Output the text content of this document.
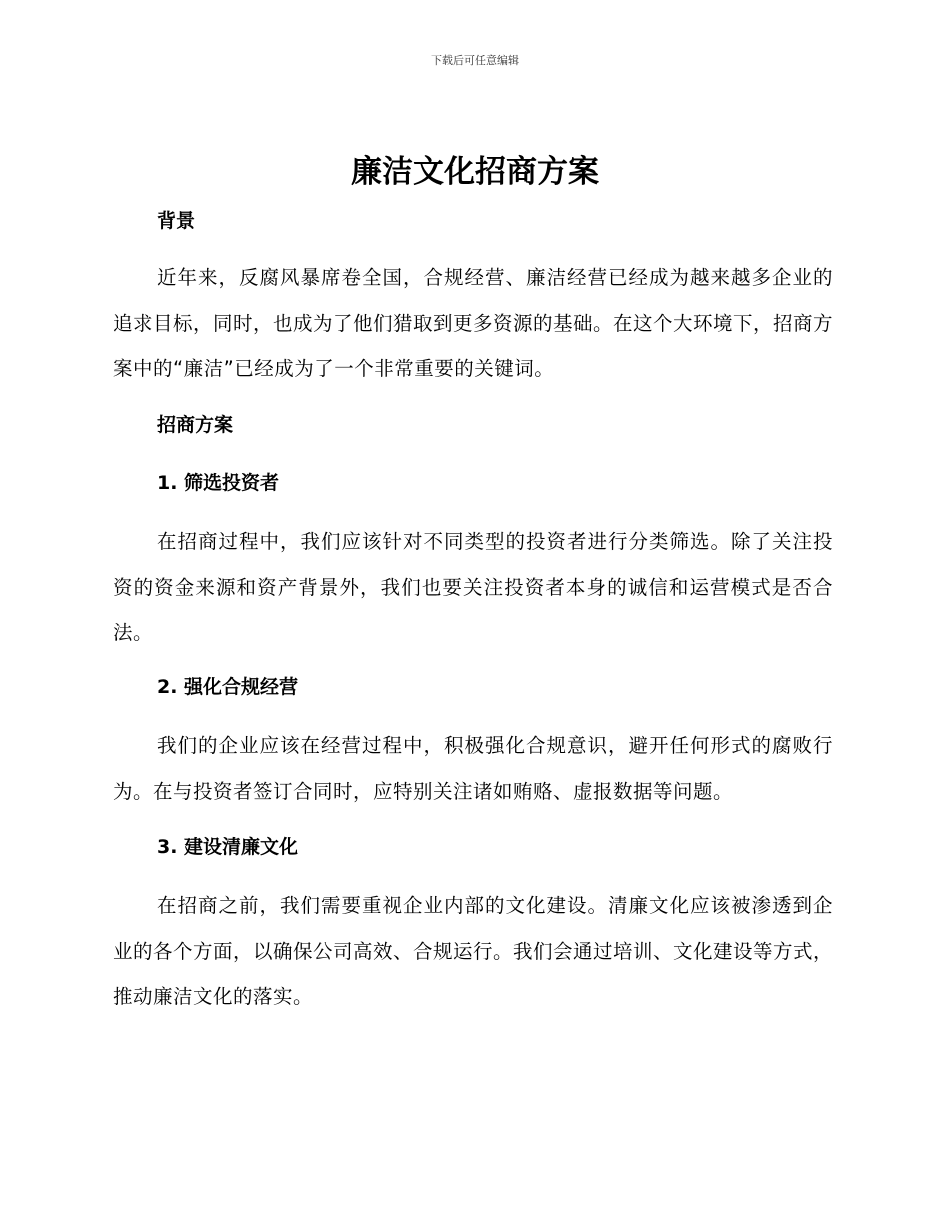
下载后可任意编辑
廉洁文化招商方案
背景

近年来，反腐风暴席卷全国，合规经营、廉洁经营已经成为越来越多企业的追求目标，同时，也成为了他们猎取到更多资源的基础。在这个大环境下，招商方案中的“廉洁”已经成为了一个非常重要的关键词。

招商方案
1. 筛选投资者

在招商过程中，我们应该针对不同类型的投资者进行分类筛选。除了关注投资的资金来源和资产背景外，我们也要关注投资者本身的诚信和运营模式是否合法。

2. 强化合规经营

我们的企业应该在经营过程中，积极强化合规意识，避开任何形式的腐败行为。在与投资者签订合同时，应特别关注诸如贿赂、虚报数据等问题。

3. 建设清廉文化

在招商之前，我们需要重视企业内部的文化建设。清廉文化应该被渗透到企业的各个方面，以确保公司高效、合规运行。我们会通过培训、文化建设等方式，推动廉洁文化的落实。
